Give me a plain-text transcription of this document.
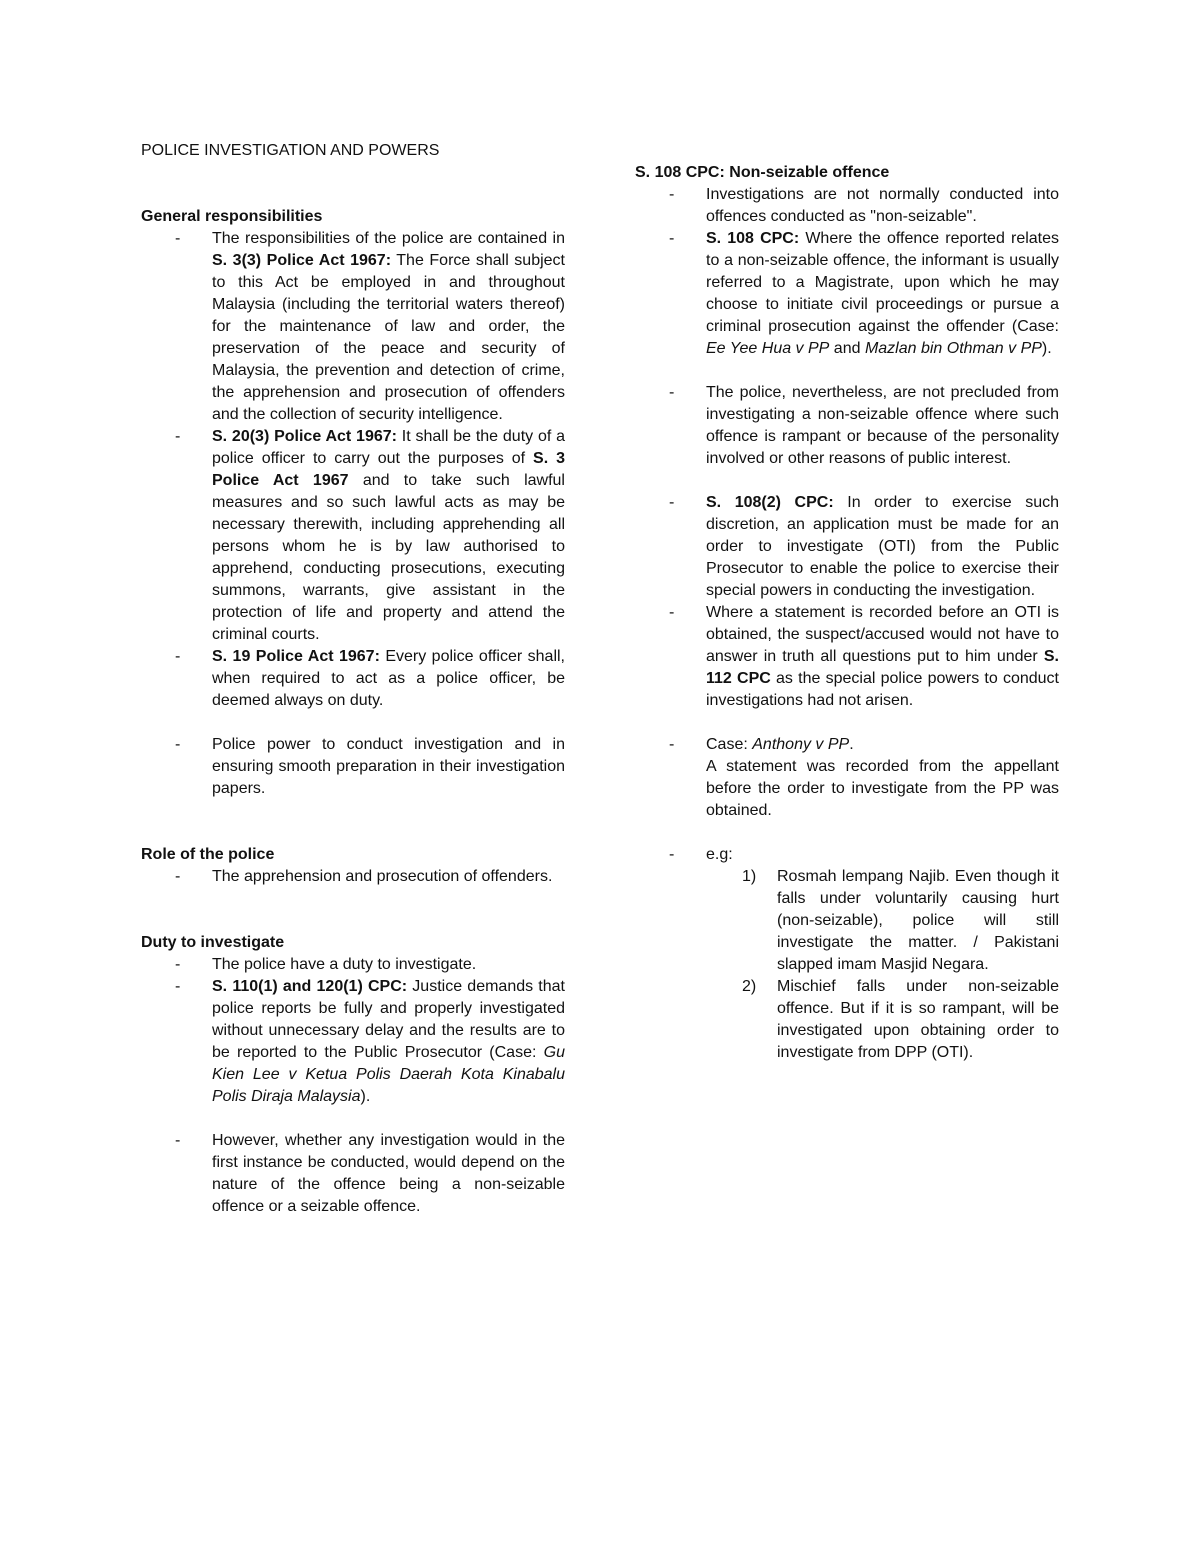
POLICE INVESTIGATION AND POWERS

General responsibilities

- The responsibilities of the police are contained in S. 3(3) Police Act 1967: The Force shall subject to this Act be employed in and throughout Malaysia (including the territorial waters thereof) for the maintenance of law and order, the preservation of the peace and security of Malaysia, the prevention and detection of crime, the apprehension and prosecution of offenders and the collection of security intelligence.
- S. 20(3) Police Act 1967: It shall be the duty of a police officer to carry out the purposes of S. 3 Police Act 1967 and to take such lawful measures and so such lawful acts as may be necessary therewith, including apprehending all persons whom he is by law authorised to apprehend, conducting prosecutions, executing summons, warrants, give assistant in the protection of life and property and attend the criminal courts.
- S. 19 Police Act 1967: Every police officer shall, when required to act as a police officer, be deemed always on duty.
- Police power to conduct investigation and in ensuring smooth preparation in their investigation papers.

Role of the police

- The apprehension and prosecution of offenders.

Duty to investigate

- The police have a duty to investigate.
- S. 110(1) and 120(1) CPC: Justice demands that police reports be fully and properly investigated without unnecessary delay and the results are to be reported to the Public Prosecutor (Case: Gu Kien Lee v Ketua Polis Daerah Kota Kinabalu Polis Diraja Malaysia).
- However, whether any investigation would in the first instance be conducted, would depend on the nature of the offence being a non-seizable offence or a seizable offence.

S. 108 CPC: Non-seizable offence

- Investigations are not normally conducted into offences conducted as "non-seizable".
- S. 108 CPC: Where the offence reported relates to a non-seizable offence, the informant is usually referred to a Magistrate, upon which he may choose to initiate civil proceedings or pursue a criminal prosecution against the offender (Case: Ee Yee Hua v PP and Mazlan bin Othman v PP).
- The police, nevertheless, are not precluded from investigating a non-seizable offence where such offence is rampant or because of the personality involved or other reasons of public interest.
- S. 108(2) CPC: In order to exercise such discretion, an application must be made for an order to investigate (OTI) from the Public Prosecutor to enable the police to exercise their special powers in conducting the investigation.
- Where a statement is recorded before an OTI is obtained, the suspect/accused would not have to answer in truth all questions put to him under S. 112 CPC as the special police powers to conduct investigations had not arisen.
- Case: Anthony v PP.
A statement was recorded from the appellant before the order to investigate from the PP was obtained.
- e.g:
1) Rosmah lempang Najib. Even though it falls under voluntarily causing hurt (non-seizable), police will still investigate the matter. / Pakistani slapped imam Masjid Negara.
2) Mischief falls under non-seizable offence. But if it is so rampant, will be investigated upon obtaining order to investigate from DPP (OTI).
